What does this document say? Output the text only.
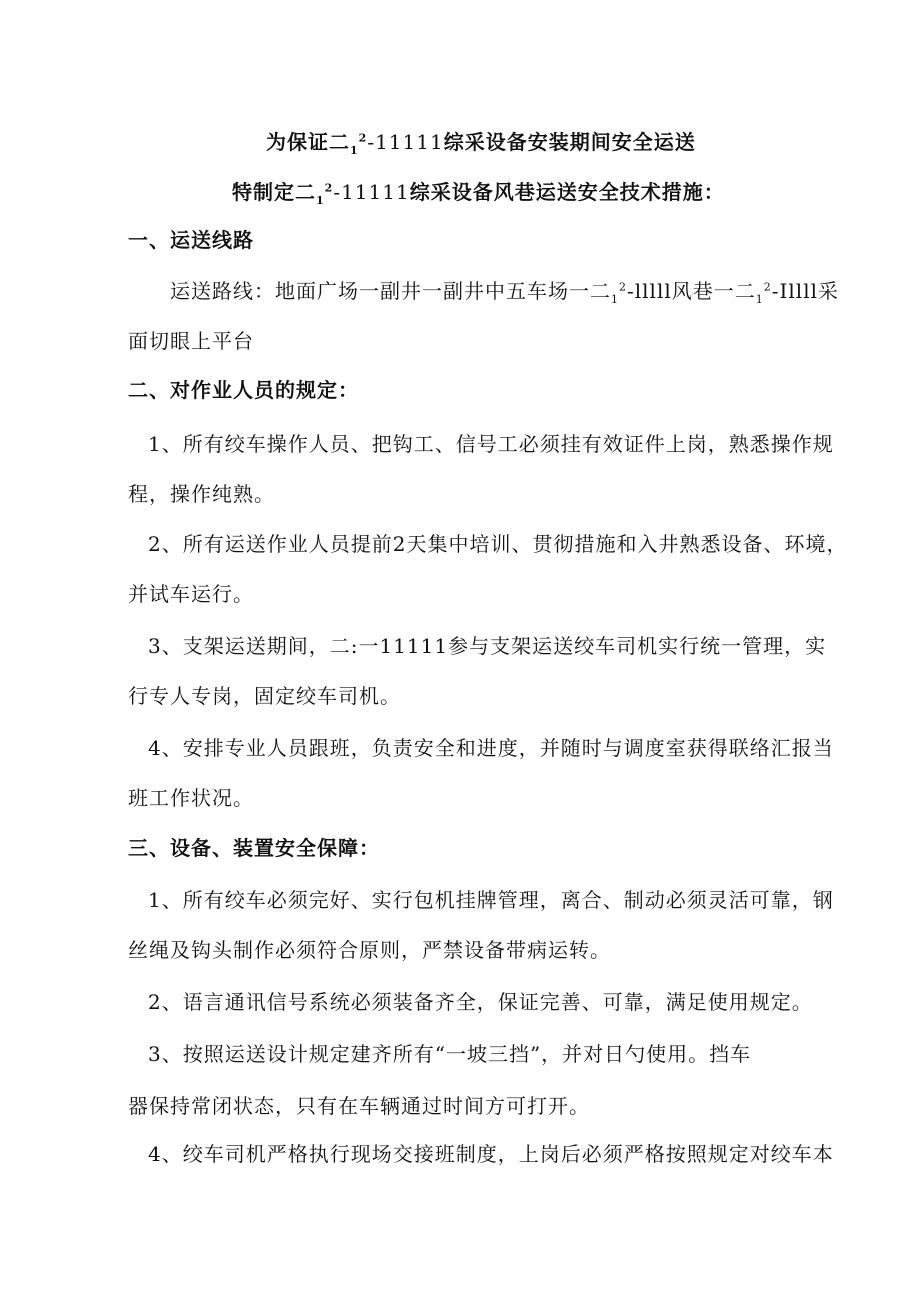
为保证二$_1^2$-11111综采设备安装期间安全运送
特制定二$_1^2$-11111综采设备风巷运送安全技术措施：
一、运送线路
运送路线：地面广场一副井一副井中五车场一二$_1^2$-lllll风巷一二$_1^2$-Illll采
面切眼上平台
二、对作业人员的规定：
1、所有绞车操作人员、把钩工、信号工必须挂有效证件上岗，熟悉操作规
程，操作纯熟。
2、所有运送作业人员提前2天集中培训、贯彻措施和入井熟悉设备、环境，
并试车运行。
3、支架运送期间，二:一11111参与支架运送绞车司机实行统一管理，实
行专人专岗，固定绞车司机。
4、安排专业人员跟班，负责安全和进度，并随时与调度室获得联络汇报当
班工作状况。
三、设备、装置安全保障：
1、所有绞车必须完好、实行包机挂牌管理，离合、制动必须灵活可靠，钢
丝绳及钩头制作必须符合原则，严禁设备带病运转。
2、语言通讯信号系统必须装备齐全，保证完善、可靠，满足使用规定。
3、按照运送设计规定建齐所有“一坡三挡”，并对日勺使用。挡车
器保持常闭状态，只有在车辆通过时间方可打开。
4、绞车司机严格执行现场交接班制度，上岗后必须严格按照规定对绞车本
